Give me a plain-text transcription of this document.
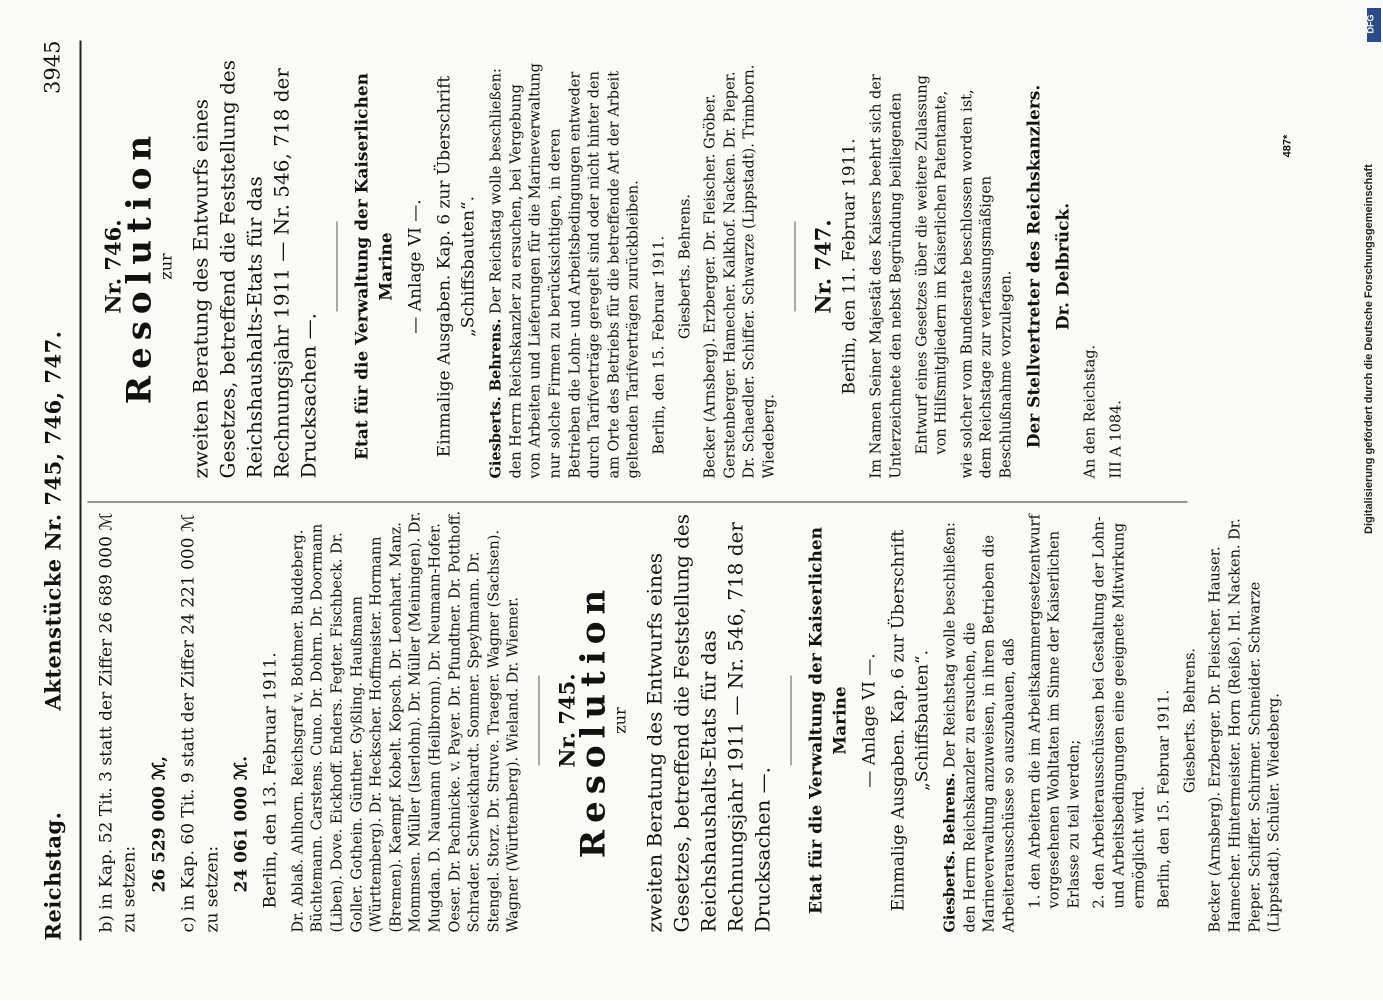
Reichstag.
Aktenstücke Nr. 745, 746, 747.
3945
b) in Kap. 52 Tit. 3 statt der Ziffer 26 689 000 ℳ zu setzen: 26 529 000 ℳ, c) in Kap. 60 Tit. 9 statt der Ziffer 24 221 000 ℳ zu setzen: 24 061 000 ℳ. Berlin, den 13. Februar 1911. Dr. Ablaß. Ahlhorn. Reichsgraf v. Bothmer. Buddeberg. Büchtemann. Carstens. Cuno. Dr. Dohrn. Dr. Doormann (Liben). Dove. Eickhoff. Enders. Fegter. Fischbeck. Dr. Goller. Gothein. Günther. Gyßling. Haußmann (Württemberg). Dr. Heckscher. Hoffmeister. Hormann (Bremen). Kaempf. Kobelt. Kopsch. Dr. Leonhart. Manz. Mommsen. Müller (Iserlohn). Dr. Müller (Meiningen). Dr. Mugdan. D. Naumann (Heilbronn). Dr. Neumann-Hofer. Oeser. Dr. Pachnicke. v. Payer. Dr. Pfundtner. Dr. Potthoff. Schrader. Schweickhardt. Sommer. Speyhmann. Dr. Stengel. Storz. Dr. Struve. Traeger. Wagner (Sachsen). Wagner (Württemberg). Wieland. Dr. Wiemer. Nr. 745.
Resolution
zur zweiten Beratung des Entwurfs eines Gesetzes, betreffend die Feststellung des Reichshaushalts-Etats für das Rechnungsjahr 1911 — Nr. 546, 718 der Drucksachen —. Etat für die Verwaltung der Kaiserlichen Marine — Anlage VI —. Einmalige Ausgaben. Kap. 6 zur Überschrift „Schiffsbauten“.
Giesberts. Behrens. Der Reichstag wolle beschließen: den Herrn Reichskanzler zu ersuchen, die Marineverwaltung anzuweisen, in ihren Betrieben die Arbeiterausschüsse so auszubauen, daß 1. den Arbeitern die im Arbeitskammergesetzentwurf vorgesehenen Wohltaten im Sinne der Kaiserlichen Erlasse zu teil werden; 2. den Arbeiterausschüssen bei Gestaltung der Lohn- und Arbeitsbedingungen eine geeignete Mitwirkung ermöglicht wird. Berlin, den 15. Februar 1911. Giesberts. Behrens. Becker (Arnsberg). Erzberger. Dr. Fleischer. Hauser. Hamecher. Hintermeister. Horn (Reiße). Irl. Nacken. Dr. Pieper. Schiffer. Schirmer. Schneider. Schwarze (Lippstadt). Schüler. Wiedeberg.
Nr. 746.
Resolution
zur zweiten Beratung des Entwurfs eines Gesetzes, betreffend die Feststellung des Reichshaushalts-Etats für das Rechnungsjahr 1911 — Nr. 546, 718 der Drucksachen —. Etat für die Verwaltung der Kaiserlichen Marine — Anlage VI —. Einmalige Ausgaben. Kap. 6 zur Überschrift „Schiffsbauten“.
Giesberts. Behrens. Der Reichstag wolle beschließen: den Herrn Reichskanzler zu ersuchen, bei Vergebung von Arbeiten und Lieferungen für die Marineverwaltung nur solche Firmen zu berücksichtigen, in deren Betrieben die Lohn- und Arbeitsbedingungen entweder durch Tarifverträge geregelt sind oder nicht hinter den am Orte des Betriebs für die betreffende Art der Arbeit geltenden Tarifverträgen zurückbleiben. Berlin, den 15. Februar 1911. Giesberts. Behrens. Becker (Arnsberg). Erzberger. Dr. Fleischer. Gröber. Gerstenberger. Hamecher. Kalkhof. Nacken. Dr. Pieper. Dr. Schaedler. Schiffer. Schwarze (Lippstadt). Trimborn. Wiedeberg.
Nr. 747. Berlin, den 11. Februar 1911. Im Namen Seiner Majestät des Kaisers beehrt sich der Unterzeichnete den nebst Begründung beiliegenden Entwurf eines Gesetzes über die weitere Zulassung von Hilfsmitgliedern im Kaiserlichen Patentamte, wie solcher vom Bundesrate beschlossen worden ist, dem Reichstage zur verfassungsmäßigen Beschlußnahme vorzulegen. Der Stellvertreter des Reichskanzlers. Dr. Delbrück.
An den Reichstag. III A 1084.
487*
Digitalisierung gefördert durch die Deutsche Forschungsgemeinschaft
DFG
